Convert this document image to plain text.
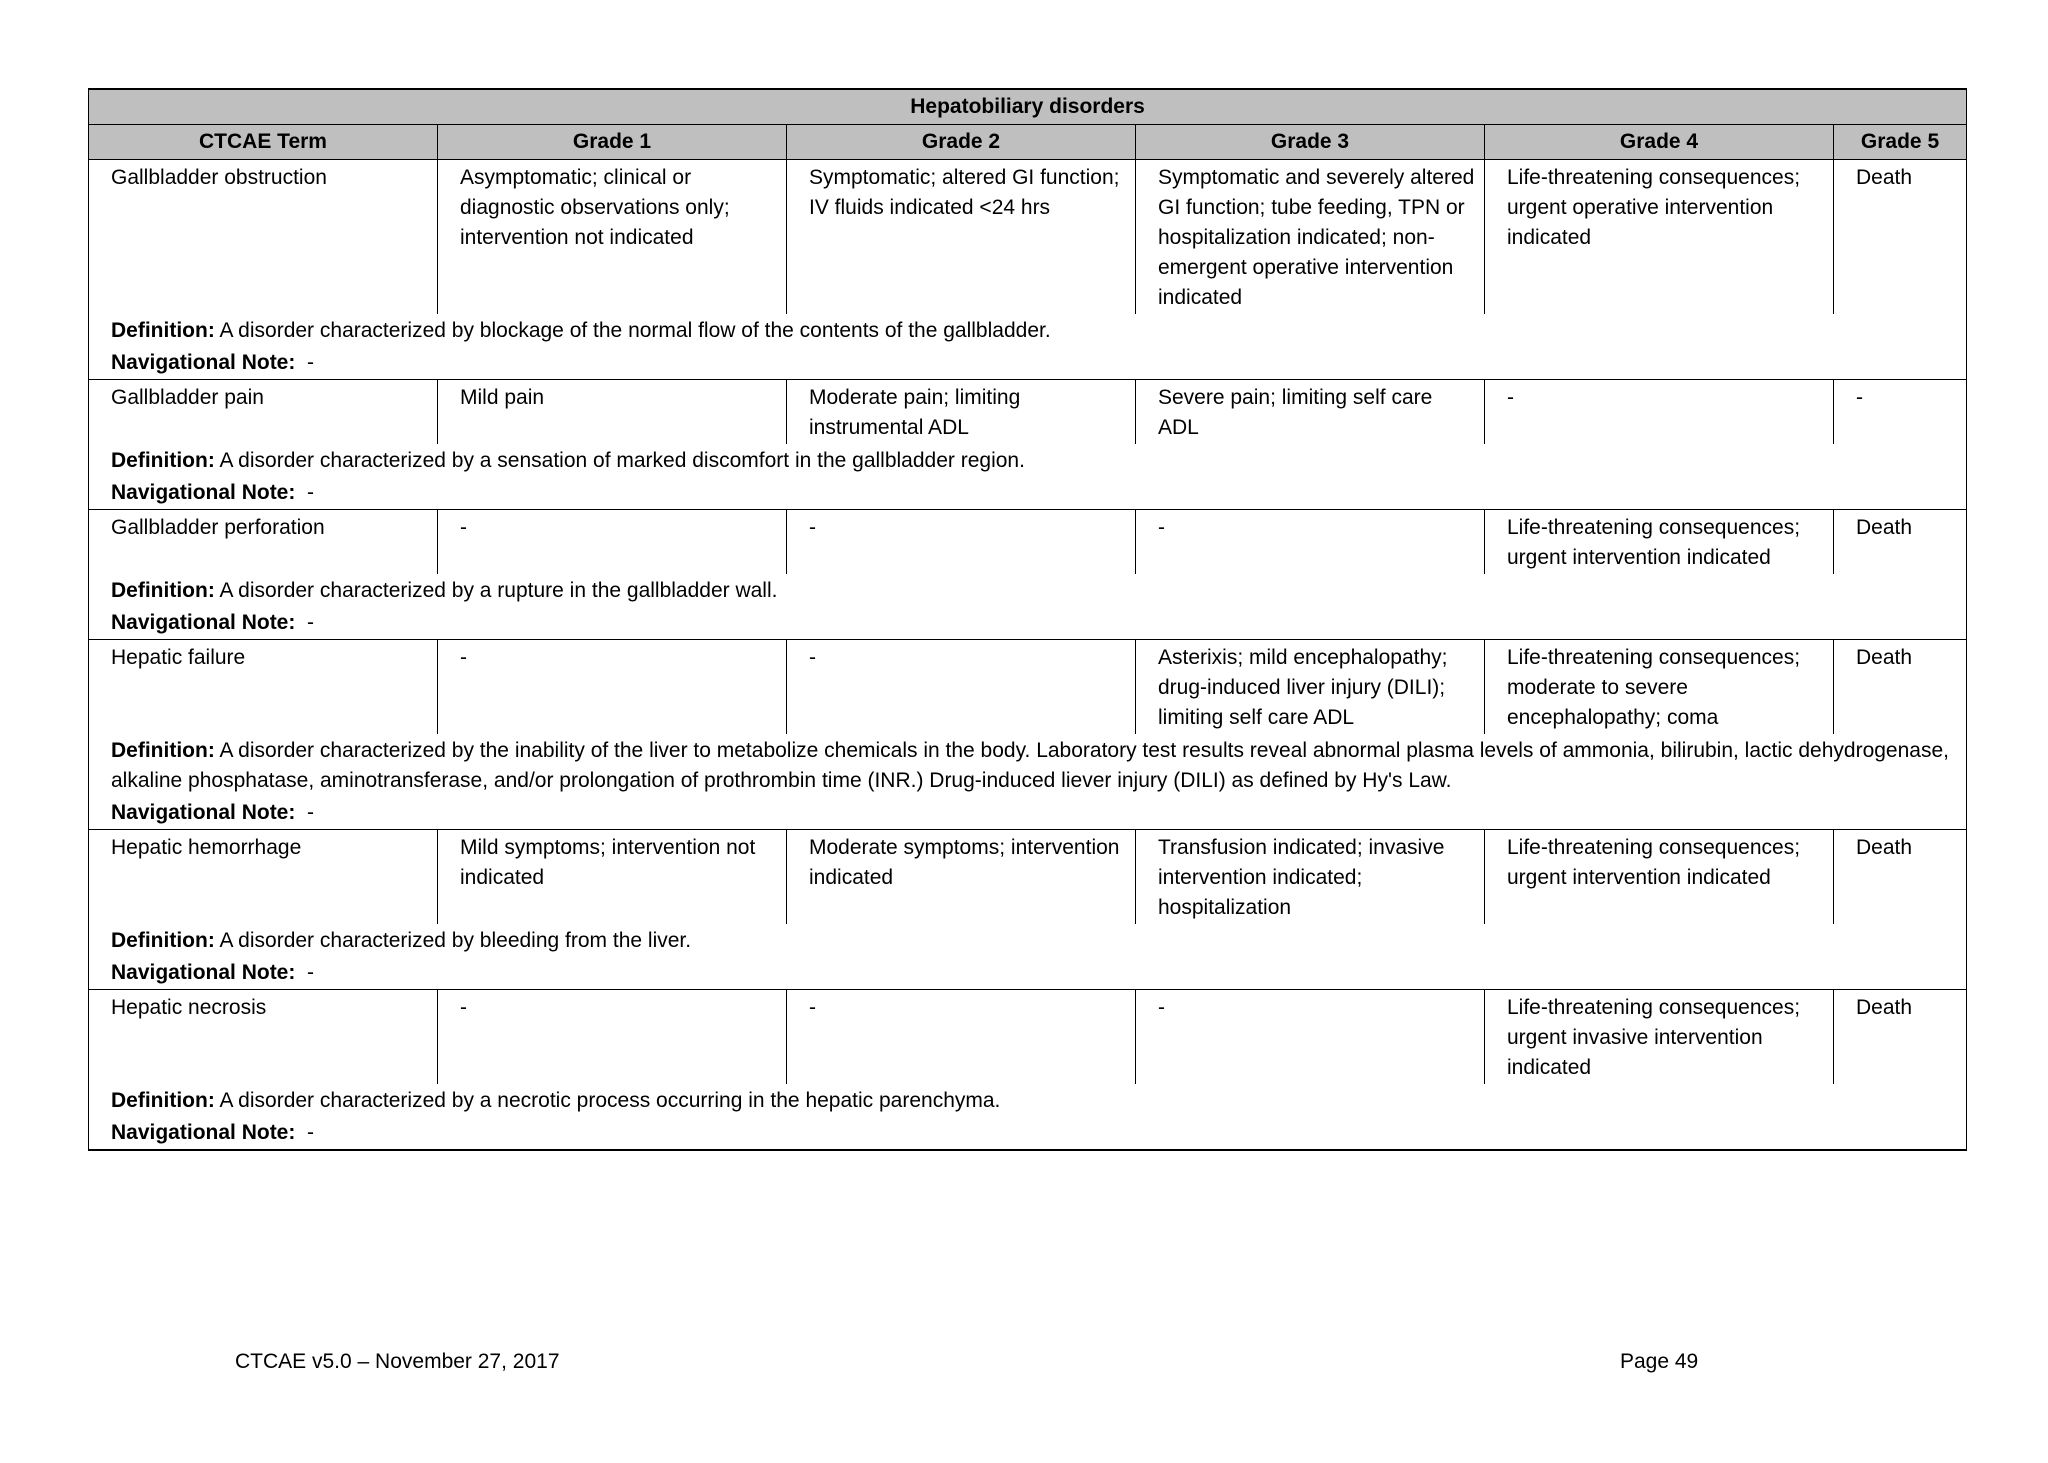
Hepatobiliary disorders					
CTCAE Term	Grade 1	Grade 2	Grade 3	Grade 4	Grade 5
Gallbladder obstruction	Asymptomatic; clinical or diagnostic observations only; intervention not indicated	Symptomatic; altered GI function; IV fluids indicated <24 hrs	Symptomatic and severely altered GI function; tube feeding, TPN or hospitalization indicated; non-emergent operative intervention indicated	Life-threatening consequences; urgent operative intervention indicated	Death
Definition: A disorder characterized by blockage of the normal flow of the contents of the gallbladder.					
Navigational Note: -					
Gallbladder pain	Mild pain	Moderate pain; limiting instrumental ADL	Severe pain; limiting self care ADL	-	-
Definition: A disorder characterized by a sensation of marked discomfort in the gallbladder region.					
Navigational Note: -					
Gallbladder perforation	-	-	-	Life-threatening consequences; urgent intervention indicated	Death
Definition: A disorder characterized by a rupture in the gallbladder wall.					
Navigational Note: -					
Hepatic failure	-	-	Asterixis; mild encephalopathy; drug-induced liver injury (DILI); limiting self care ADL	Life-threatening consequences; moderate to severe encephalopathy; coma	Death
Definition: A disorder characterized by the inability of the liver to metabolize chemicals in the body. Laboratory test results reveal abnormal plasma levels of ammonia, bilirubin, lactic dehydrogenase, alkaline phosphatase, aminotransferase, and/or prolongation of prothrombin time (INR.) Drug-induced liever injury (DILI) as defined by Hy's Law.					
Navigational Note: -					
Hepatic hemorrhage	Mild symptoms; intervention not indicated	Moderate symptoms; intervention indicated	Transfusion indicated; invasive intervention indicated; hospitalization	Life-threatening consequences; urgent intervention indicated	Death
Definition: A disorder characterized by bleeding from the liver.					
Navigational Note: -					
Hepatic necrosis	-	-	-	Life-threatening consequences; urgent invasive intervention indicated	Death
Definition: A disorder characterized by a necrotic process occurring in the hepatic parenchyma.					
Navigational Note: -					
CTCAE v5.0 – November 27, 2017	Page 49
